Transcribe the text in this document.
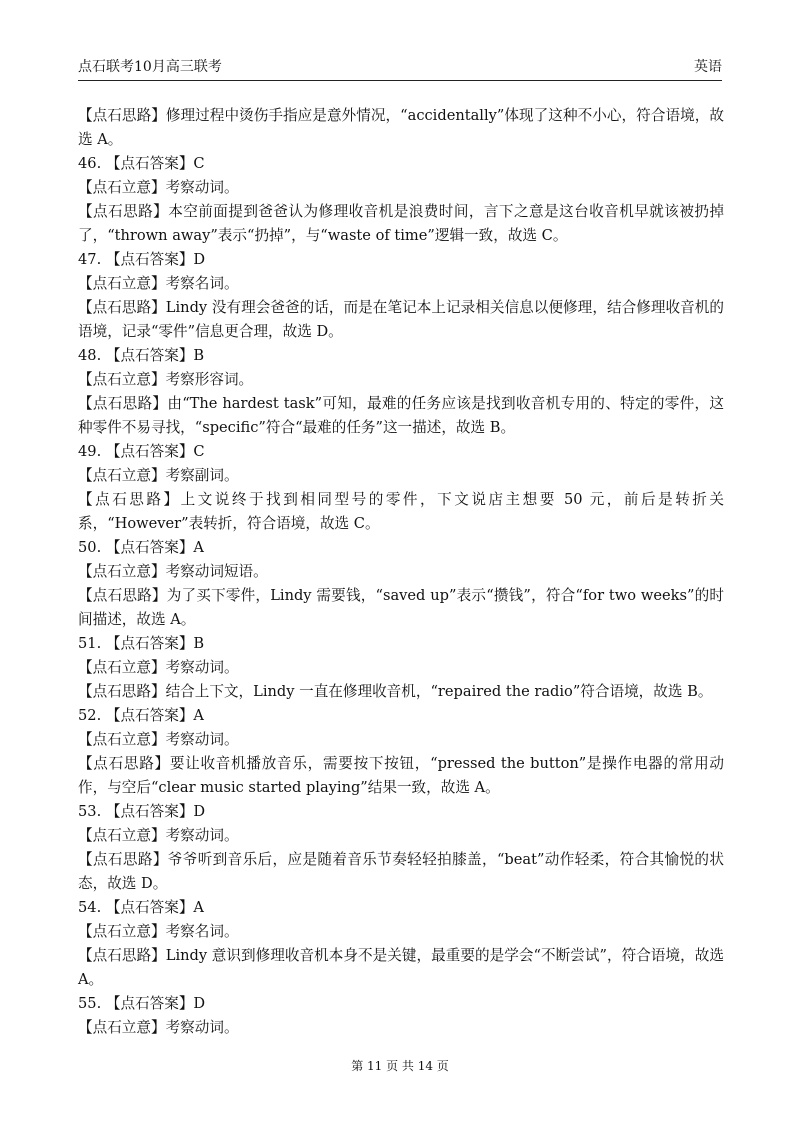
点石联考10月高三联考	英语

【点石思路】修理过程中烫伤手指应是意外情况，“accidentally”体现了这种不小心，符合语境，故选 A。

46. 【点石答案】C

【点石立意】考察动词。

【点石思路】本空前面提到爸爸认为修理收音机是浪费时间，言下之意是这台收音机早就该被扔掉了，“thrown away”表示“扔掉”，与“waste of time”逻辑一致，故选 C。

47. 【点石答案】D

【点石立意】考察名词。

【点石思路】Lindy 没有理会爸爸的话，而是在笔记本上记录相关信息以便修理，结合修理收音机的语境，记录“零件”信息更合理，故选 D。

48. 【点石答案】B

【点石立意】考察形容词。

【点石思路】由“The hardest task”可知，最难的任务应该是找到收音机专用的、特定的零件，这种零件不易寻找，“specific”符合“最难的任务”这一描述，故选 B。

49. 【点石答案】C

【点石立意】考察副词。

【点石思路】上文说终于找到相同型号的零件，下文说店主想要 50 元，前后是转折关系，“However”表转折，符合语境，故选 C。

50. 【点石答案】A

【点石立意】考察动词短语。

【点石思路】为了买下零件，Lindy 需要钱，“saved up”表示“攒钱”，符合“for two weeks”的时间描述，故选 A。

51. 【点石答案】B

【点石立意】考察动词。

【点石思路】结合上下文，Lindy 一直在修理收音机，“repaired the radio”符合语境，故选 B。

52. 【点石答案】A

【点石立意】考察动词。

【点石思路】要让收音机播放音乐，需要按下按钮，“pressed the button”是操作电器的常用动作，与空后“clear music started playing”结果一致，故选 A。

53. 【点石答案】D

【点石立意】考察动词。

【点石思路】爷爷听到音乐后，应是随着音乐节奏轻轻拍膝盖，“beat”动作轻柔，符合其愉悦的状态，故选 D。

54. 【点石答案】A

【点石立意】考察名词。

【点石思路】Lindy 意识到修理收音机本身不是关键，最重要的是学会“不断尝试”，符合语境，故选 A。

55. 【点石答案】D

【点石立意】考察动词。

第 11 页 共 14 页
